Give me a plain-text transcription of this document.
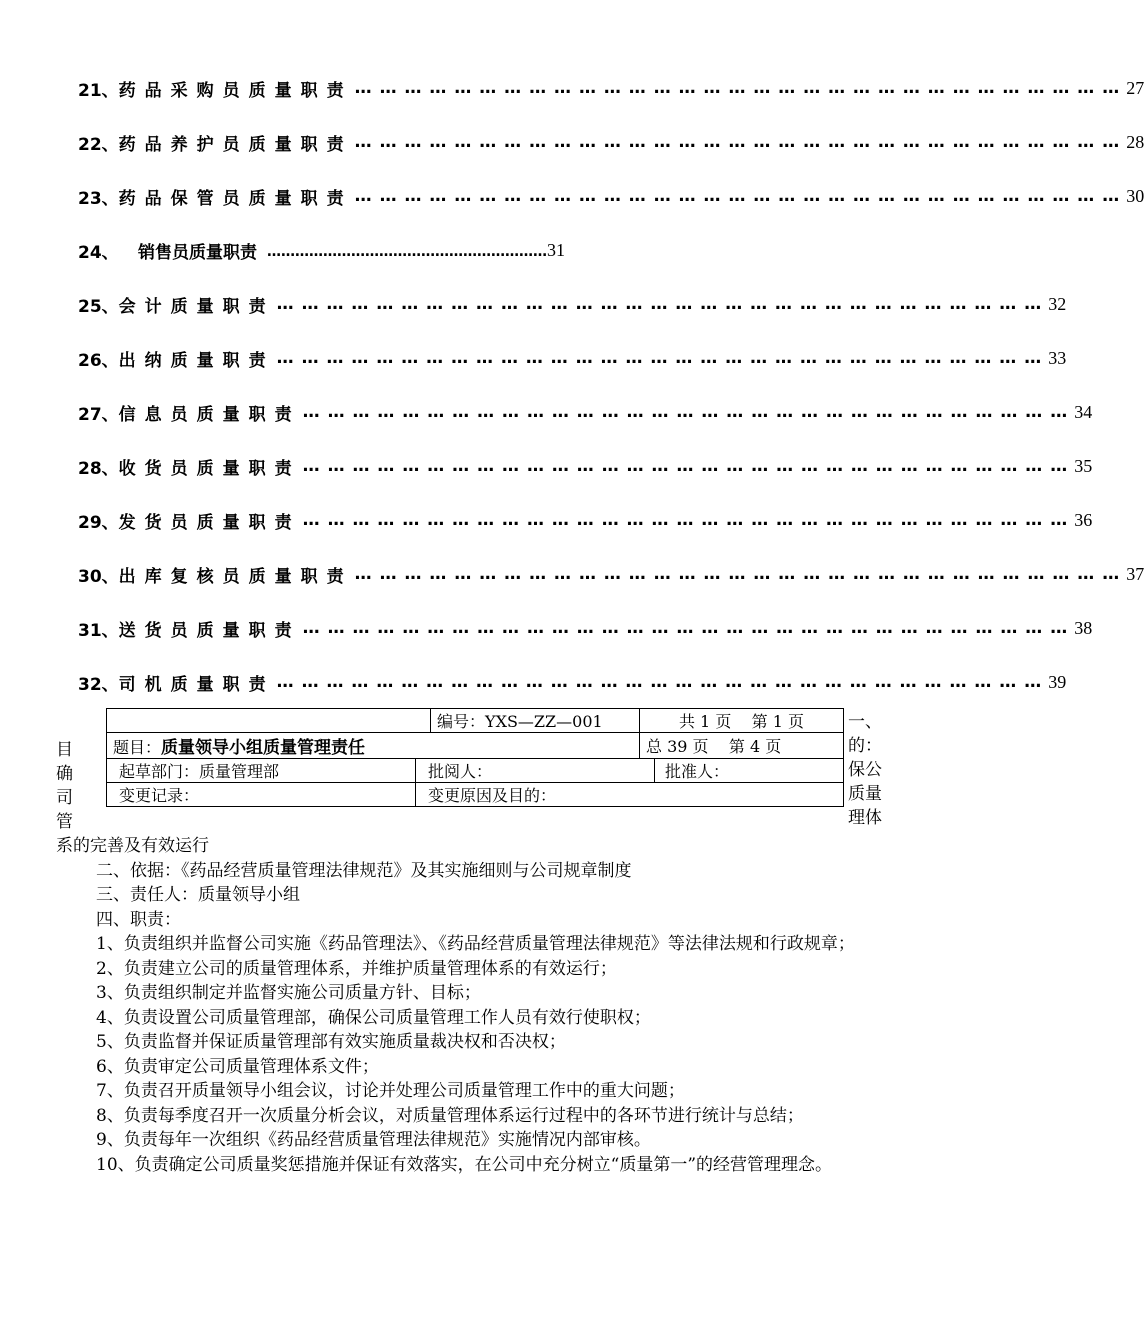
21、 药品采购员质量职责 … … … … … … … … … … … … … … … … … … … … … … … … … … … … … … … 27
22、 药品养护员质量职责 … … … … … … … … … … … … … … … … … … … … … … … … … … … … … … … 28
23、 药品保管员质量职责 … … … … … … … … … … … … … … … … … … … … … … … … … … … … … … … 30
24、	销售员质量职责 …………………………………………………… 31
25、 会计质量职责 … … … … … … … … … … … … … … … … … … … … … … … … … … … … … … … 32
26、 出纳质量职责 … … … … … … … … … … … … … … … … … … … … … … … … … … … … … … … 33
27、 信息员质量职责 … … … … … … … … … … … … … … … … … … … … … … … … … … … … … … … 34
28、 收货员质量职责 … … … … … … … … … … … … … … … … … … … … … … … … … … … … … … … 35
29、 发货员质量职责 … … … … … … … … … … … … … … … … … … … … … … … … … … … … … … … 36
30、 出库复核员质量职责 … … … … … … … … … … … … … … … … … … … … … … … … … … … … … … … 37
31、 送货员质量职责 … … … … … … … … … … … … … … … … … … … … … … … … … … … … … … … 38
32、 司机质量职责 … … … … … … … … … … … … … … … … … … … … … … … … … … … … … … … 39
目
确
司
管
		编号：YXS—ZZ—001	共 1 页 第 1 页	
题目：质量领导小组质量管理责任			总 39 页 第 4 页	
起草部门：质量管理部	批阅人：			批准人：
变更记录：	变更原因及目的：			
一、
的：
保公
质量
理体

系的完善及有效运行

二、依据：《药品经营质量管理法律规范》及其实施细则与公司规章制度

三、责任人：质量领导小组

四、职责：

1、负责组织并监督公司实施《药品管理法》、《药品经营质量管理法律规范》等法律法规和行政规章；

2、负责建立公司的质量管理体系，并维护质量管理体系的有效运行；

3、负责组织制定并监督实施公司质量方针、目标；

4、负责设置公司质量管理部，确保公司质量管理工作人员有效行使职权；

5、负责监督并保证质量管理部有效实施质量裁决权和否决权；

6、负责审定公司质量管理体系文件；

7、负责召开质量领导小组会议，讨论并处理公司质量管理工作中的重大问题；

8、负责每季度召开一次质量分析会议，对质量管理体系运行过程中的各环节进行统计与总结；

9、负责每年一次组织《药品经营质量管理法律规范》实施情况内部审核。

10、负责确定公司质量奖惩措施并保证有效落实，在公司中充分树立“质量第一”的经营管理理念。
